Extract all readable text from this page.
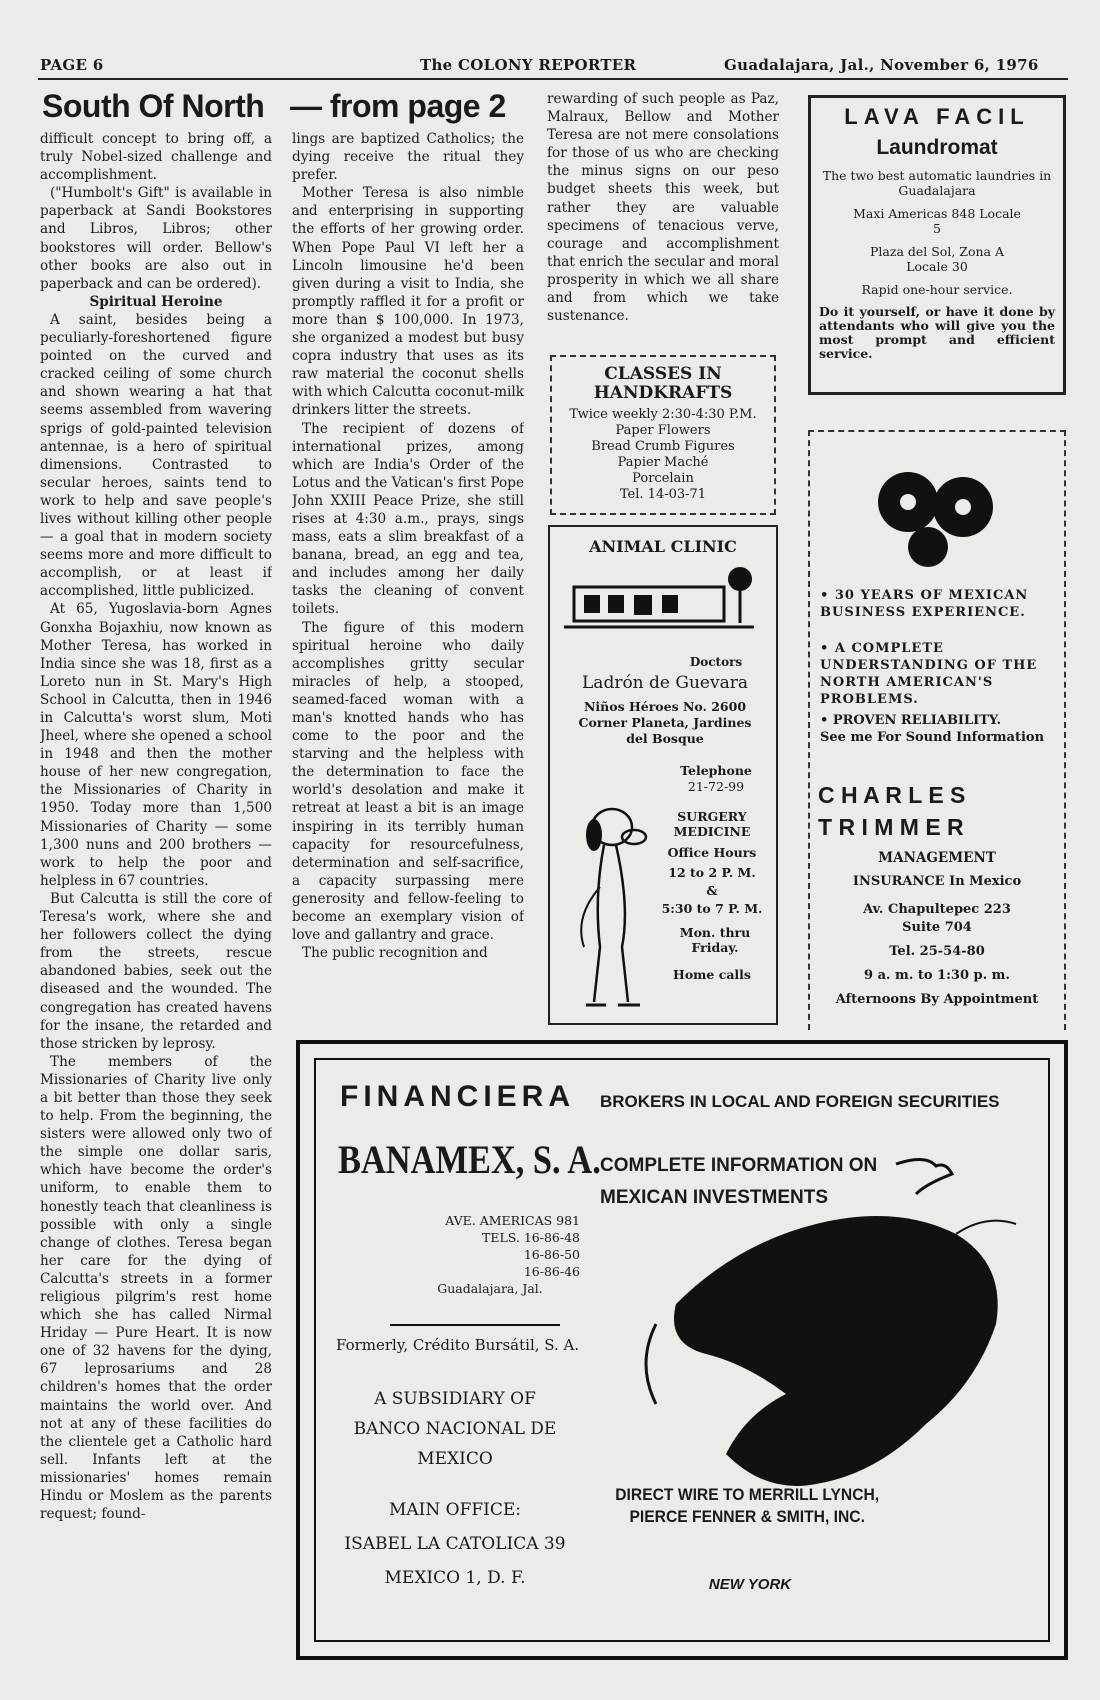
PAGE 6	The COLONY REPORTER	Guadalajara, Jal., November 6, 1976
South Of North — from page 2

difficult concept to bring off, a truly Nobel-sized challenge and accomplishment.

("Humbolt's Gift" is available in paperback at Sandi Bookstores and Libros, Libros; other bookstores will order. Bellow's other books are also out in paperback and can be ordered).

Spiritual Heroine

A saint, besides being a peculiarly-foreshortened figure pointed on the curved and cracked ceiling of some church and shown wearing a hat that seems assembled from wavering sprigs of gold-painted television antennae, is a hero of spiritual dimensions. Contrasted to secular heroes, saints tend to work to help and save people's lives without killing other people — a goal that in modern society seems more and more difficult to accomplish, or at least if accomplished, little publicized.

At 65, Yugoslavia-born Agnes Gonxha Bojaxhiu, now known as Mother Teresa, has worked in India since she was 18, first as a Loreto nun in St. Mary's High School in Calcutta, then in 1946 in Calcutta's worst slum, Moti Jheel, where she opened a school in 1948 and then the mother house of her new congregation, the Missionaries of Charity in 1950. Today more than 1,500 Missionaries of Charity — some 1,300 nuns and 200 brothers — work to help the poor and helpless in 67 countries.

But Calcutta is still the core of Teresa's work, where she and her followers collect the dying from the streets, rescue abandoned babies, seek out the diseased and the wounded. The congregation has created havens for the insane, the retarded and those stricken by leprosy.

The members of the Missionaries of Charity live only a bit better than those they seek to help. From the beginning, the sisters were allowed only two of the simple one dollar saris, which have become the order's uniform, to enable them to honestly teach that cleanliness is possible with only a single change of clothes. Teresa began her care for the dying of Calcutta's streets in a former religious pilgrim's rest home which she has called Nirmal Hriday — Pure Heart. It is now one of 32 havens for the dying, 67 leprosariums and 28 children's homes that the order maintains the world over. And not at any of these facilities do the clientele get a Catholic hard sell. Infants left at the missionaries' homes remain Hindu or Moslem as the parents request; found-

lings are baptized Catholics; the dying receive the ritual they prefer.

Mother Teresa is also nimble and enterprising in supporting the efforts of her growing order. When Pope Paul VI left her a Lincoln limousine he'd been given during a visit to India, she promptly raffled it for a profit or more than $ 100,000. In 1973, she organized a modest but busy copra industry that uses as its raw material the coconut shells with which Calcutta coconut-milk drinkers litter the streets.

The recipient of dozens of international prizes, among which are India's Order of the Lotus and the Vatican's first Pope John XXIII Peace Prize, she still rises at 4:30 a.m., prays, sings mass, eats a slim breakfast of a banana, bread, an egg and tea, and includes among her daily tasks the cleaning of convent toilets.

The figure of this modern spiritual heroine who daily accomplishes gritty secular miracles of help, a stooped, seamed-faced woman with a man's knotted hands who has come to the poor and the starving and the helpless with the determination to face the world's desolation and make it retreat at least a bit is an image inspiring in its terribly human capacity for resourcefulness, determination and self-sacrifice, a capacity surpassing mere generosity and fellow-feeling to become an exemplary vision of love and gallantry and grace.

The public recognition and

rewarding of such people as Paz, Malraux, Bellow and Mother Teresa are not mere consolations for those of us who are checking the minus signs on our peso budget sheets this week, but rather they are valuable specimens of tenacious verve, courage and accomplishment that enrich the secular and moral prosperity in which we all share and from which we take sustenance.

CLASSES IN HANDKRAFTS
Twice weekly 2:30-4:30 P.M.
Paper Flowers
Bread Crumb Figures
Papier Maché
Porcelain
Tel. 14-03-71
ANIMAL CLINIC
Doctors
Ladrón de Guevara
Niños Héroes No. 2600 Corner Planeta, Jardines del Bosque
Telephone
21-72-99
SURGERY MEDICINE
Office Hours
12 to 2 P. M.
&
5:30 to 7 P. M.
Mon. thru Friday.
Home calls
LAVA FACIL
Laundromat
The two best automatic laundries in Guadalajara
Maxi Americas 848 Locale 5
Plaza del Sol, Zona A Locale 30
Rapid one-hour service.
Do it yourself, or have it done by attendants who will give you the most prompt and efficient service.
• 30 YEARS OF MEXICAN BUSINESS EXPERIENCE.
• A COMPLETE UNDERSTANDING OF THE NORTH AMERICAN'S PROBLEMS.
• PROVEN RELIABILITY.
See me For Sound Information
C H A R L E S
T R I M M E R
MANAGEMENT
INSURANCE In Mexico
Av. Chapultepec 223
Suite 704
Tel. 25-54-80
9 a. m. to 1:30 p. m.
Afternoons By Appointment
FINANCIERA BROKERS IN LOCAL AND FOREIGN SECURITIES
BANAMEX, S. A. COMPLETE INFORMATION ON MEXICAN INVESTMENTS
AVE. AMERICAS 981
TELS. 16-86-48
16-86-50
16-86-46
Guadalajara, Jal.
Formerly, Crédito Bursátil, S. A.
A SUBSIDIARY OF BANCO NACIONAL DE MEXICO
MAIN OFFICE:
ISABEL LA CATOLICA 39
MEXICO 1, D. F.
DIRECT WIRE TO MERRILL LYNCH, PIERCE FENNER & SMITH, INC.
NEW YORK
